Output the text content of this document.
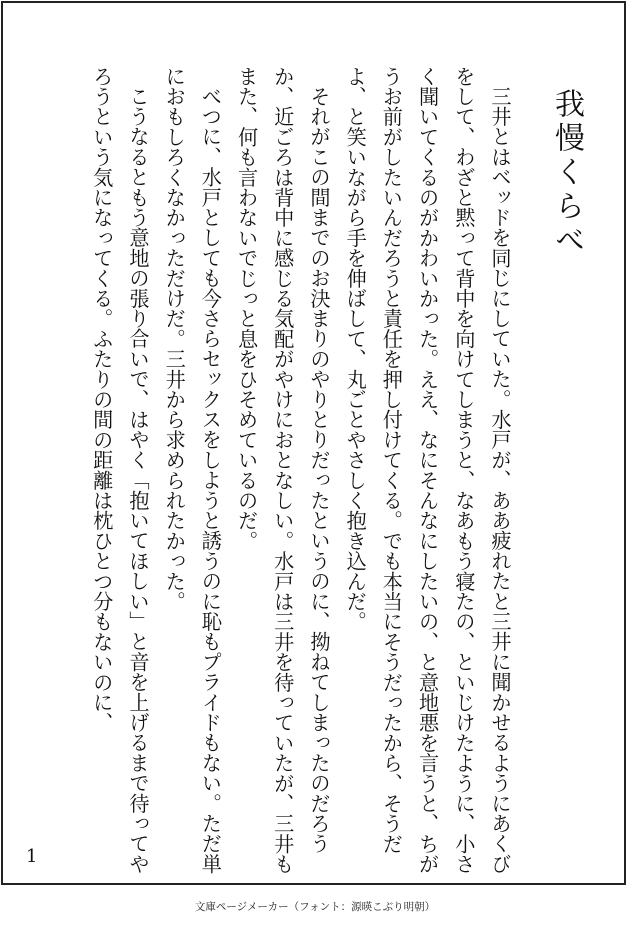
我慢くらべ

三井とはベッドを同じにしていた。水戸が、ああ疲れたと三井に聞かせるようにあくびをして、わざと黙って背中を向けてしまうと、なあもう寝たの、といじけたように、小さく聞いてくるのがかわいかった。ええ、なにそんなにしたいの、と意地悪を言うと、ちがうお前がしたいんだろうと責任を押し付けてくる。でも本当にそうだったから、そうだよ、と笑いながら手を伸ばして、丸ごとやさしく抱き込んだ。

それがこの間までのお決まりのやりとりだったというのに、拗ねてしまったのだろうか、近ごろは背中に感じる気配がやけにおとなしい。水戸は三井を待っていたが、三井もまた、何も言わないでじっと息をひそめているのだ。

べつに、水戸としても今さらセックスをしようと誘うのに恥もプライドもない。ただ単におもしろくなかっただけだ。三井から求められたかった。

こうなるともう意地の張り合いで、はやく「抱いてほしい」と音を上げるまで待ってやろうという気になってくる。ふたりの間の距離は枕ひとつ分もないのに、

1

文庫ページメーカー（フォント：源暎こぶり明朝）
